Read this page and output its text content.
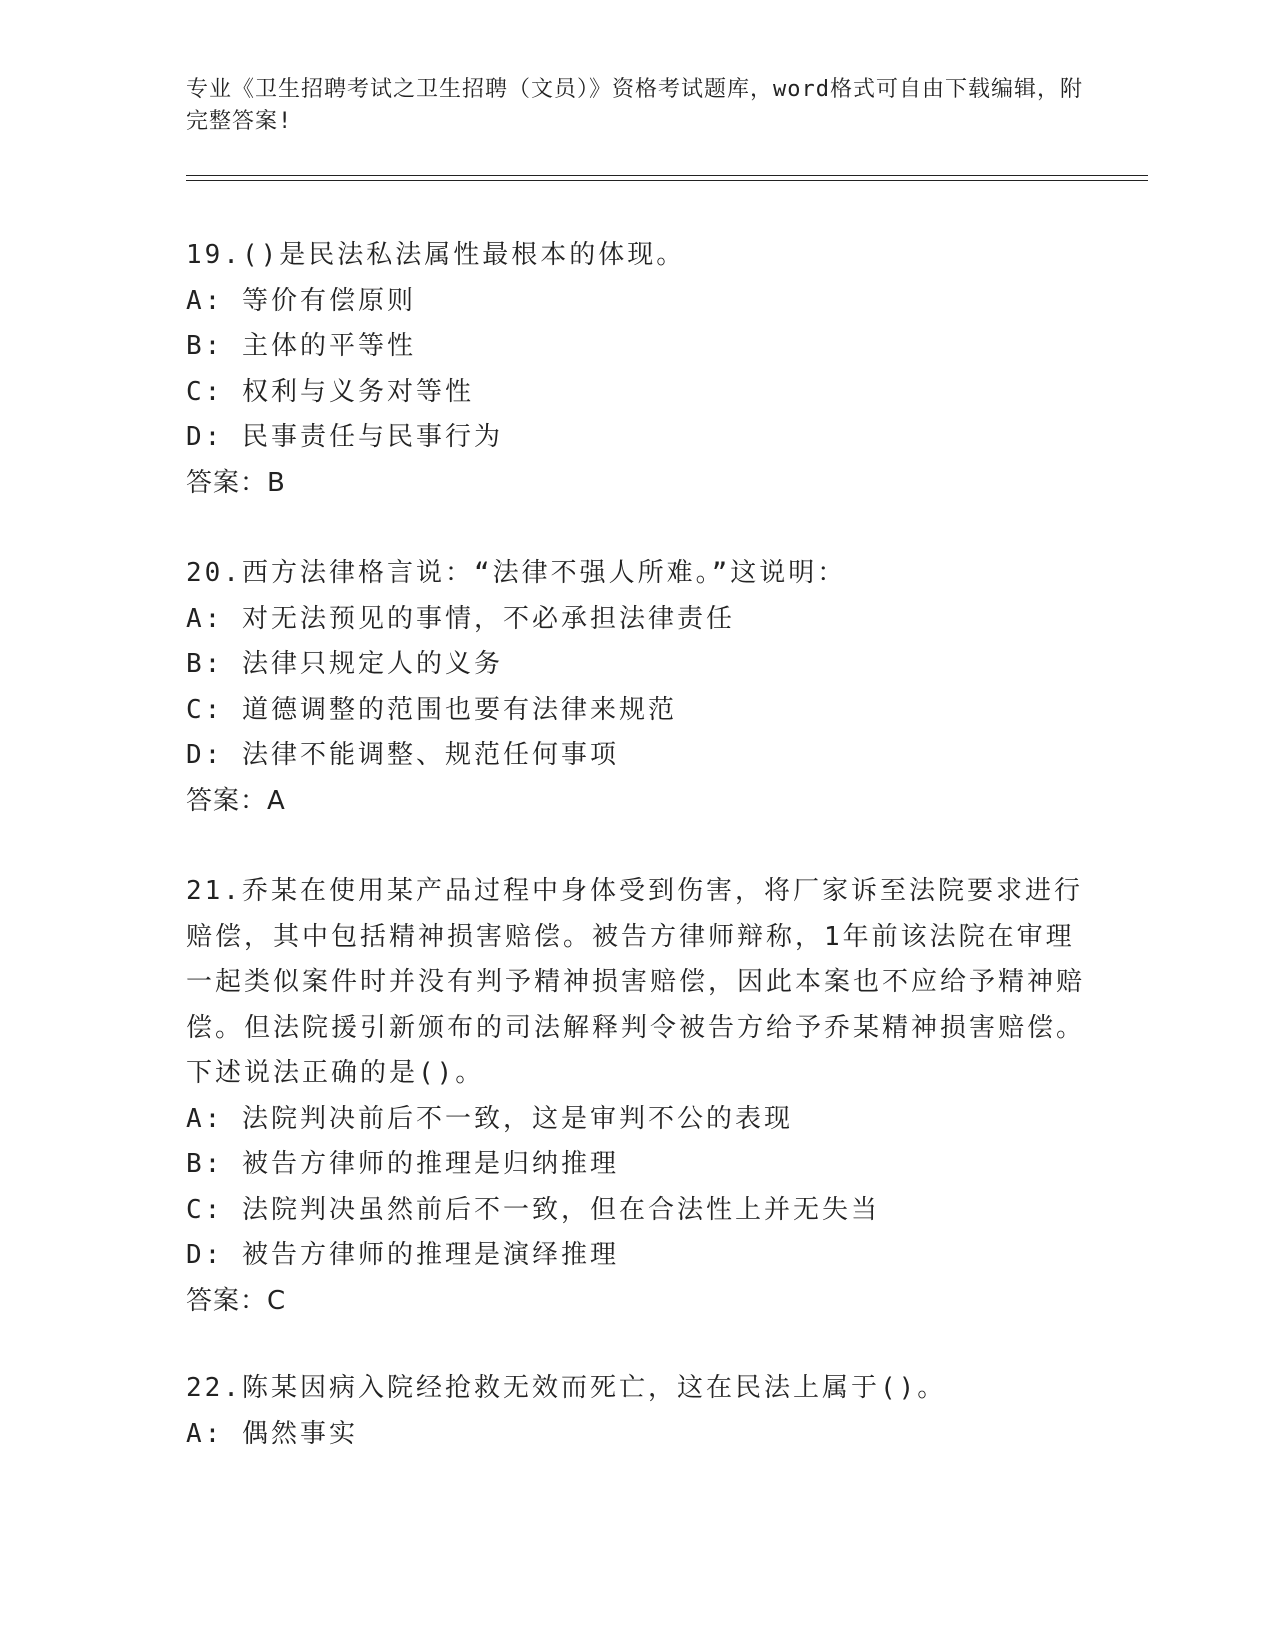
专业《卫生招聘考试之卫生招聘（文员）》资格考试题库，word格式可自由下载编辑，附完整答案!
19.()是民法私法属性最根本的体现。
A: 等价有偿原则
B: 主体的平等性
C: 权利与义务对等性
D: 民事责任与民事行为
答案：B
20.西方法律格言说：“法律不强人所难。”这说明：
A: 对无法预见的事情，不必承担法律责任
B: 法律只规定人的义务
C: 道德调整的范围也要有法律来规范
D: 法律不能调整、规范任何事项
答案：A
21.乔某在使用某产品过程中身体受到伤害，将厂家诉至法院要求进行赔偿，其中包括精神损害赔偿。被告方律师辩称，1年前该法院在审理一起类似案件时并没有判予精神损害赔偿，因此本案也不应给予精神赔偿。但法院援引新颁布的司法解释判令被告方给予乔某精神损害赔偿。下述说法正确的是()。
A: 法院判决前后不一致，这是审判不公的表现
B: 被告方律师的推理是归纳推理
C: 法院判决虽然前后不一致，但在合法性上并无失当
D: 被告方律师的推理是演绎推理
答案：C
22.陈某因病入院经抢救无效而死亡，这在民法上属于()。
A: 偶然事实
